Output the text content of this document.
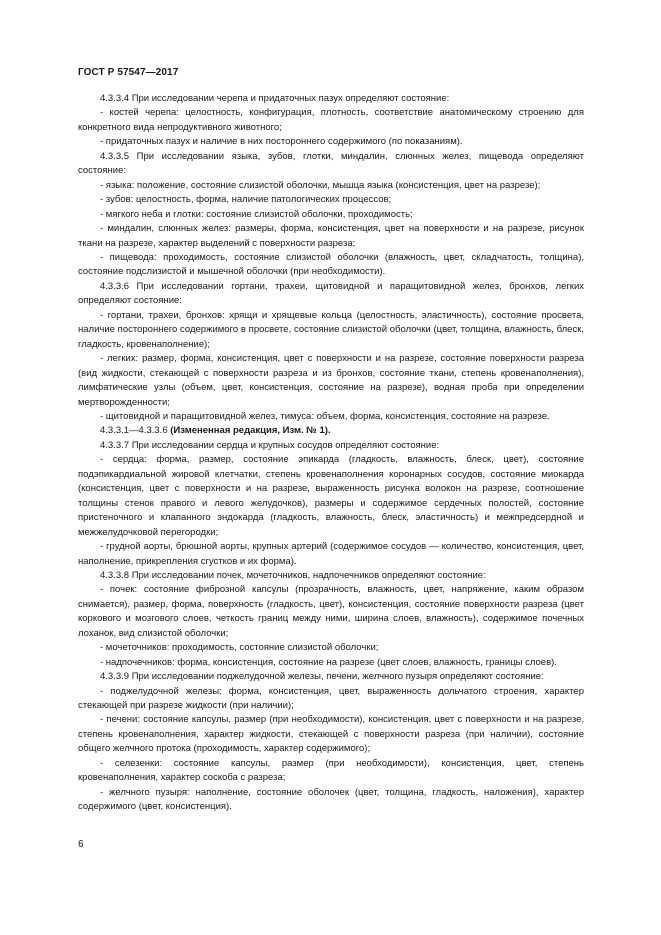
ГОСТ Р 57547—2017

4.3.3.4 При исследовании черепа и придаточных пазух определяют состояние:

- костей черепа: целостность, конфигурация, плотность, соответствие анатомическому строению для конкретного вида непродуктивного животного;

- придаточных пазух и наличие в них постороннего содержимого (по показаниям).

4.3.3.5 При исследовании языка, зубов, глотки, миндалин, слюнных желез, пищевода определяют состояние:

- языка: положение, состояние слизистой оболочки, мышца языка (консистенция, цвет на разрезе);

- зубов: целостность, форма, наличие патологических процессов;

- мягкого неба и глотки: состояние слизистой оболочки, проходимость;

- миндалин, слюнных желез: размеры, форма, консистенция, цвет на поверхности и на разрезе, рисунок ткани на разрезе, характер выделений с поверхности разреза;

- пищевода: проходимость, состояние слизистой оболочки (влажность, цвет, складчатость, толщина), состояние подслизистой и мышечной оболочки (при необходимости).

4.3.3.6 При исследовании гортани, трахеи, щитовидной и паращитовидной желез, бронхов, легких определяют состояние:

- гортани, трахеи, бронхов: хрящи и хрящевые кольца (целостность, эластичность), состояние просвета, наличие постороннего содержимого в просвете, состояние слизистой оболочки (цвет, толщина, влажность, блеск, гладкость, кровенаполнение);

- легких: размер, форма, консистенция, цвет с поверхности и на разрезе, состояние поверхности разреза (вид жидкости, стекающей с поверхности разреза и из бронхов, состояние ткани, степень кровенаполнения), лимфатические узлы (объем, цвет, консистенция, состояние на разрезе), водная проба при определении мертворожденности;

- щитовидной и паращитовидной желез, тимуса: объем, форма, консистенция, состояние на разрезе.

4.3.3.1—4.3.3.6 (Измененная редакция, Изм. № 1).

4.3.3.7 При исследовании сердца и крупных сосудов определяют состояние:

- сердца: форма, размер, состояние эпикарда (гладкость, влажность, блеск, цвет), состояние подэпикардиальной жировой клетчатки, степень кровенаполнения коронарных сосудов, состояние миокарда (консистенция, цвет с поверхности и на разрезе, выраженность рисунка волокон на разрезе, соотношение толщины стенок правого и левого желудочков), размеры и содержимое сердечных полостей, состояние пристеночного и клапанного эндокарда (гладкость, влажность, блеск, эластичность) и межпредсердной и межжелудочковой перегородки;

- грудной аорты, брюшной аорты, крупных артерий (содержимое сосудов — количество, консистенция, цвет, наполнение, прикрепления сгустков и их форма).

4.3.3.8 При исследовании почек, мочеточников, надпочечников определяют состояние:

- почек: состояние фиброзной капсулы (прозрачность, влажность, цвет, напряжение, каким образом снимается), размер, форма, поверхность (гладкость, цвет), консистенция, состояние поверхности разреза (цвет коркового и мозгового слоев, четкость границ между ними, ширина слоев, влажность), содержимое почечных лоханок, вид слизистой оболочки;

- мочеточников: проходимость, состояние слизистой оболочки;

- надпочечников: форма, консистенция, состояние на разрезе (цвет слоев, влажность, границы слоев).

4.3.3.9 При исследовании поджелудочной железы, печени, желчного пузыря определяют состояние:

- поджелудочной железы: форма, консистенция, цвет, выраженность дольчатого строения, характер стекающей при разрезе жидкости (при наличии);

- печени: состояние капсулы, размер (при необходимости), консистенция, цвет с поверхности и на разрезе, степень кровенаполнения, характер жидкости, стекающей с поверхности разреза (при наличии), состояние общего желчного протока (проходимость, характер содержимого);

- селезенки: состояние капсулы, размер (при необходимости), консистенция, цвет, степень кровенаполнения, характер соскоба с разреза;

- желчного пузыря: наполнение, состояние оболочек (цвет, толщина, гладкость, наложения), характер содержимого (цвет, консистенция).

6
